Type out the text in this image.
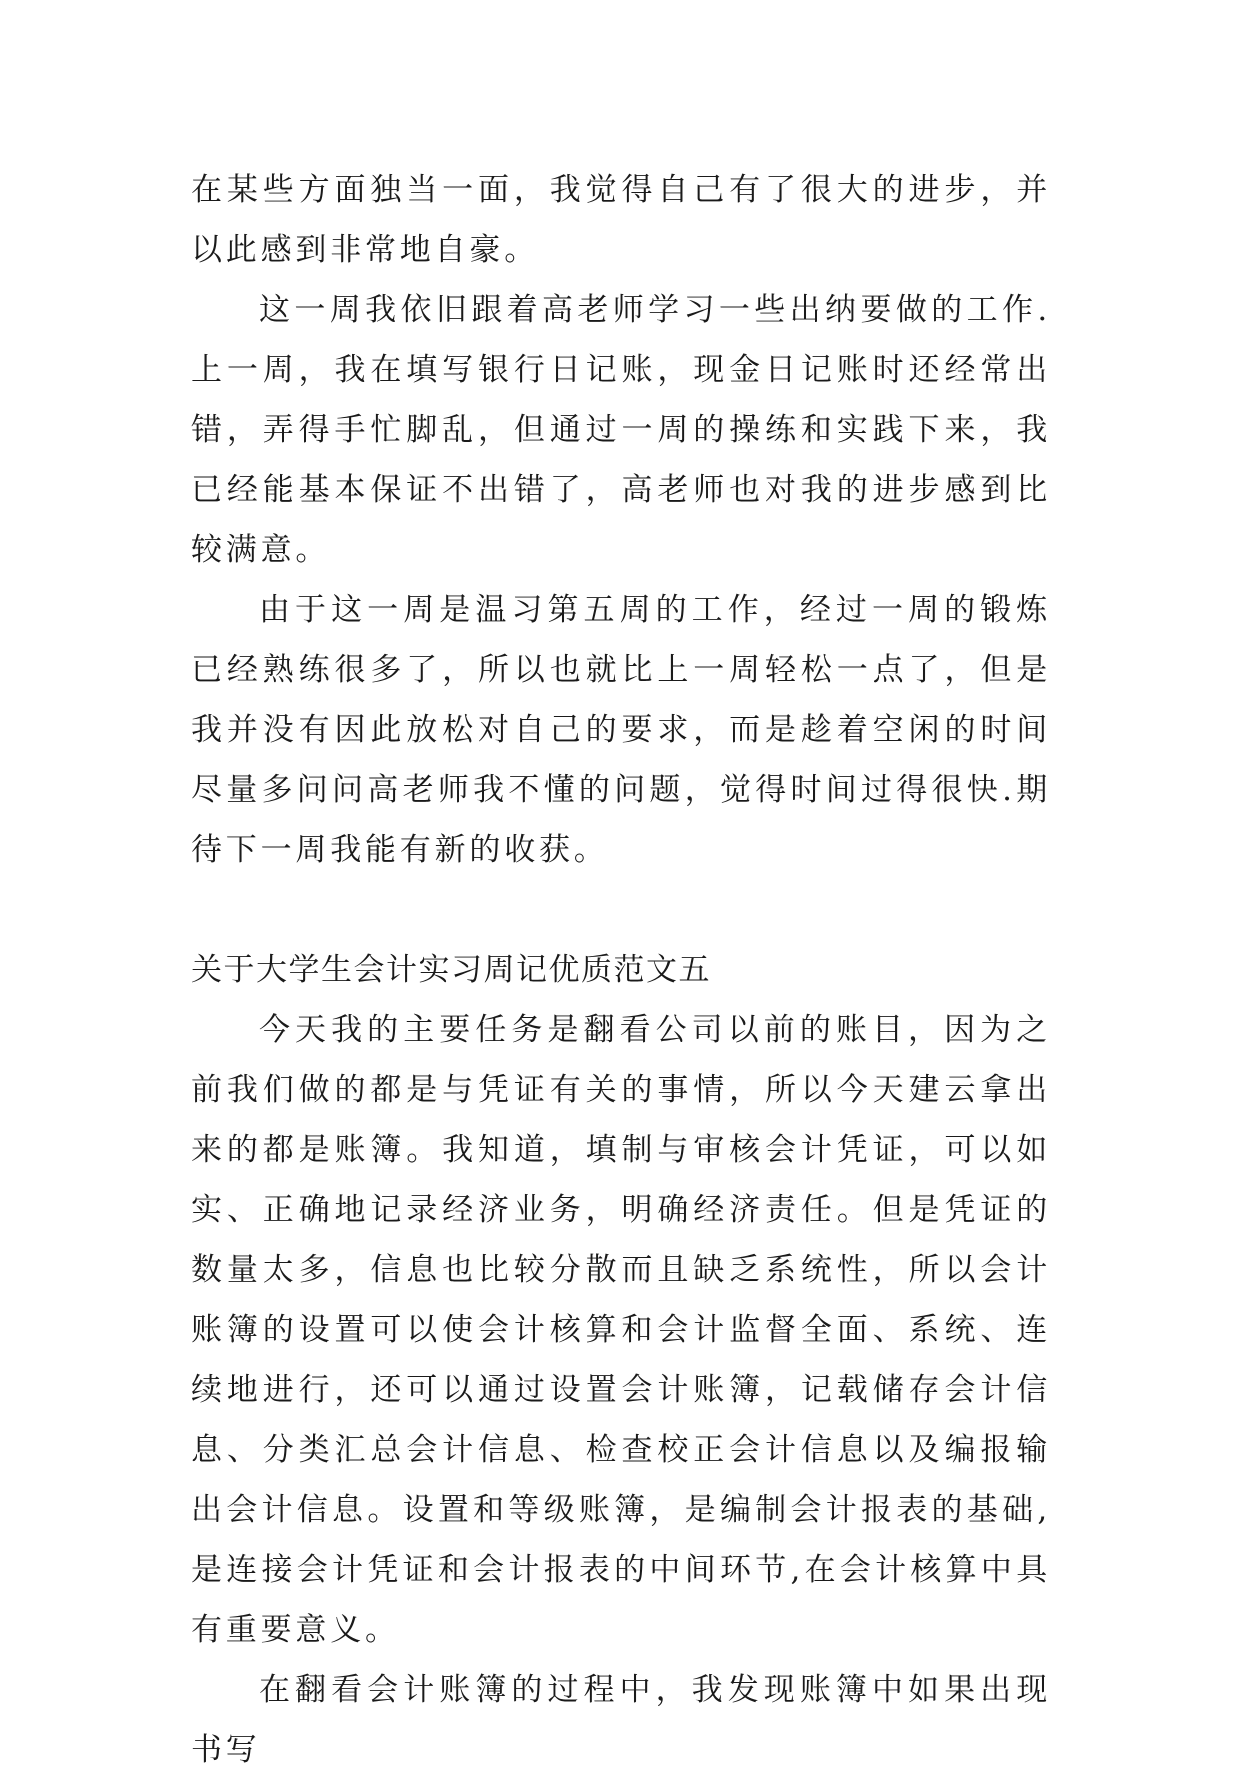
在某些方面独当一面，我觉得自己有了很大的进步，并以此感到非常地自豪。

这一周我依旧跟着高老师学习一些出纳要做的工作.上一周，我在填写银行日记账，现金日记账时还经常出错，弄得手忙脚乱，但通过一周的操练和实践下来，我已经能基本保证不出错了，高老师也对我的进步感到比较满意。

由于这一周是温习第五周的工作，经过一周的锻炼已经熟练很多了，所以也就比上一周轻松一点了，但是我并没有因此放松对自己的要求，而是趁着空闲的时间尽量多问问高老师我不懂的问题，觉得时间过得很快.期待下一周我能有新的收获。

关于大学生会计实习周记优质范文五

今天我的主要任务是翻看公司以前的账目，因为之前我们做的都是与凭证有关的事情，所以今天建云拿出来的都是账簿。我知道，填制与审核会计凭证，可以如实、正确地记录经济业务，明确经济责任。但是凭证的数量太多，信息也比较分散而且缺乏系统性，所以会计账簿的设置可以使会计核算和会计监督全面、系统、连续地进行，还可以通过设置会计账簿，记载储存会计信息、分类汇总会计信息、检查校正会计信息以及编报输出会计信息。设置和等级账簿，是编制会计报表的基础,是连接会计凭证和会计报表的中间环节,在会计核算中具有重要意义。

在翻看会计账簿的过程中，我发现账簿中如果出现书写
